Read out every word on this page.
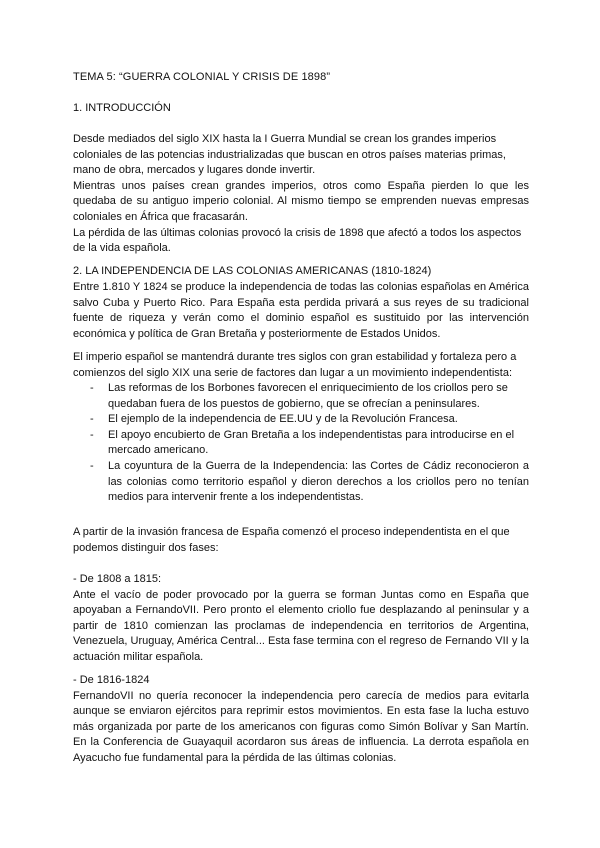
TEMA 5: “GUERRA COLONIAL Y CRISIS DE 1898”

1. INTRODUCCIÓN

Desde mediados del siglo XIX hasta la I Guerra Mundial se crean los grandes imperios coloniales de las potencias industrializadas que buscan en otros países materias primas, mano de obra, mercados y lugares donde invertir.

Mientras unos países crean grandes imperios, otros como España pierden lo que les quedaba de su antiguo imperio colonial. Al mismo tiempo se emprenden nuevas empresas coloniales en África que fracasarán.

La pérdida de las últimas colonias provocó la crisis de 1898 que afectó a todos los aspectos de la vida española.

2. LA INDEPENDENCIA DE LAS COLONIAS AMERICANAS (1810-1824)

Entre 1.810 Y 1824 se produce la independencia de todas las colonias españolas en América salvo Cuba y Puerto Rico. Para España esta perdida privará a sus reyes de su tradicional fuente de riqueza y verán como el dominio español es sustituido por las intervención económica y política de Gran Bretaña y posteriormente de Estados Unidos.

El imperio español se mantendrá durante tres siglos con gran estabilidad y fortaleza pero a comienzos del siglo XIX una serie de factores dan lugar a un movimiento independentista:

- Las reformas de los Borbones favorecen el enriquecimiento de los criollos pero se quedaban fuera de los puestos de gobierno, que se ofrecían a peninsulares.
- El ejemplo de la independencia de EE.UU y de la Revolución Francesa.
- El apoyo encubierto de Gran Bretaña a los independentistas para introducirse en el mercado americano.
- La coyuntura de la Guerra de la Independencia: las Cortes de Cádiz reconocieron a las colonias como territorio español y dieron derechos a los criollos pero no tenían medios para intervenir frente a los independentistas.

A partir de la invasión francesa de España comenzó el proceso independentista en el que podemos distinguir dos fases:

- De 1808 a 1815:

Ante el vacío de poder provocado por la guerra se forman Juntas como en España que apoyaban a FernandoVII. Pero pronto el elemento criollo fue desplazando al peninsular y a partir de 1810 comienzan las proclamas de independencia en territorios de Argentina, Venezuela, Uruguay, América Central... Esta fase termina con el regreso de Fernando VII y la actuación militar española.

- De 1816-1824

FernandoVII no quería reconocer la independencia pero carecía de medios para evitarla aunque se enviaron ejércitos para reprimir estos movimientos. En esta fase la lucha estuvo más organizada por parte de los americanos con figuras como Simón Bolívar y San Martín. En la Conferencia de Guayaquil acordaron sus áreas de influencia. La derrota española en Ayacucho fue fundamental para la pérdida de las últimas colonias.
